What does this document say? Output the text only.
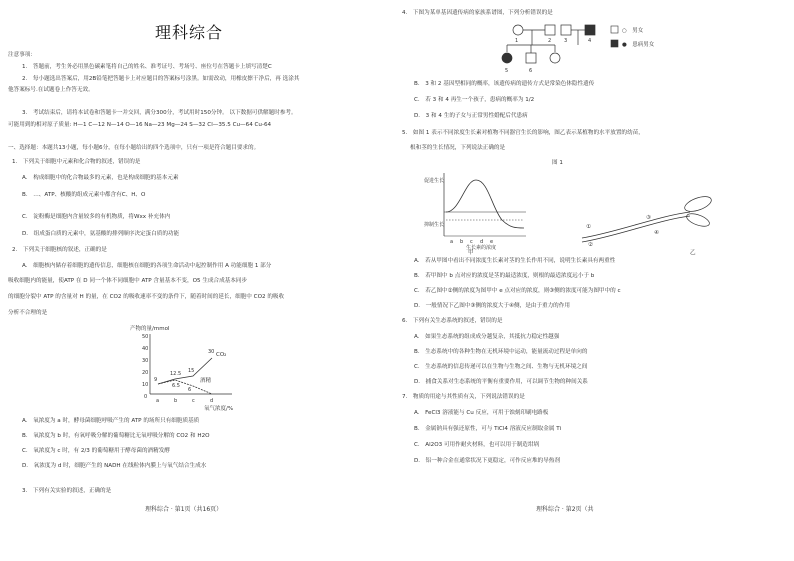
理科综合
注意事项：
1.　答题前，考生务必用黑色碳素笔将自己的姓名、准考证号、考场号、座位号在答题卡上填写清楚C
2.　每小题选出答案后，用2B铅笔把答题卡上对应题目的答案标号涂黑。如需改动，用橡皮擦干净后，再 选涂其
他答案标号.在试题卷上作答无效。
3.　考试结束后，请将本试卷和答题卡一并交回，满分300分，考试用时150分钟。 以下数据可供解题时参考。
可能用到的相对原子质量: H—1 C—12 N—14 O—16 Na—23 Mg—24 S—32 Cl—35.5 Cu—64 Cu-64
一、选择题：本题共13小题，每小题6分，在每小题给出的四个选项中，只有一项是符合题目要求的。
1.　下列关于细胞中元素和化合物的叙述，错误的是
A.　构成细胞中的化合物最多的元素，也是构成细胞的基本元素
B.　…、ATP、核酸的组成元素中都含有C、H、O
C.　淀粉酶是细胞内含量较多的有机物质，将Wxx 补充体内
D.　组成蛋白质的元素中，氨基酸的排列顺序决定蛋白质的功能
2.　下列关于细胞核的叙述，正确的是
A.　细胞核内储存着细胞的遗传信息，细胞核在细胞的各项生命活动中起控制作用 A 功能细胞 1 部分
吸收细胞内的能量，使ATP 在 D 同一个体不同细胞中 ATP 含量基本不变，O5 生成合成基本同步
的细胞分裂中 ATP 的含量对 H 的量，在 CO2 的吸收速率不变的条件下，随着时间的延长，细胞中 CO2 的吸收
分析不合理的是
产物的量/mmol
50
40
30
20
10
0
CO₂
酒精
9
12.5 15
30
6.5
6
a	b	c	d
氧气浓度/%
A.　氧浓度为 a 时，酵母菌细胞呼吸产生的 ATP 的场所只有细胞质基质
B.　氧浓度为 b 时，有氧呼吸分解的葡萄糖比无氧呼吸分解的 CO2 和 H2O
C.　氧浓度为 c 时，有 2/3 的葡萄糖用于酵母菌的酒精发酵
D.　氧浓度为 d 时，细胞产生的 NADH 在线粒体内膜上与氧气结合生成水
3.　下列有关实验的叙述，正确的是
理科综合 · 第1页（共16页）
4.　下图为某单基因遗传病的家族系谱图，下列分析错误的是
1	2	3	4
5	6
○　男女
●　患病男女
B.　3 和 2 基因型相同的概率，该遗传病的遗传方式是常染色体隐性遗传
C.　若 3 和 4 再生一个孩子，患病的概率为 1/2
D.　3 和 4 生的子女与正常男性婚配后代患病
5.　如图 1 表示不同浓度生长素对植物不同器官生长的影响，图乙表示某植物的水平放置的幼苗，
根和茎的生长情况，下列说法正确的是
图 1
促进生长
抑制生长
a b c d e
生长素的浓度
甲
①
②
③
④
乙
A.　若从甲图中看出不同浓度生长素对茎的生长作用不同，说明生长素具有两重性
B.　若甲图中 b 点对应的浓度是茎的最适浓度，则根的最适浓度远小于 b
C.　若乙图中②侧的浓度为图甲中 e 点对应的浓度，则③侧的浓度可能为图甲中的 c
D.　一般情况下乙图中③侧的浓度大于④侧，是由于重力的作用
6.　下列有关生态系统的叙述，错误的是
A.　如果生态系统的组成成分越复杂，其抵抗力稳定性越强
B.　生态系统中的各种生物在无机环境中运动，能量流动过程是单向的
C.　生态系统的信息传递可以在生物与生物之间、生物与无机环境之间
D.　捕食关系对生态系统的平衡有重要作用，可以调节生物的种间关系
7.　物质的用途与其性质有关，下列说法错误的是
A.　FeCl3 溶液能与 Cu 反应，可用于蚀刻印刷电路板
B.　金属钠具有强还原性，可与 TiCl4 溶液反应制取金属 Ti
C.　Al2O3 可用作耐火材料，也可以用于制造坩埚
D.　铝一种合金在通常状况下更稳定，可作反应堆的导热剂
理科综合 · 第2页（共
